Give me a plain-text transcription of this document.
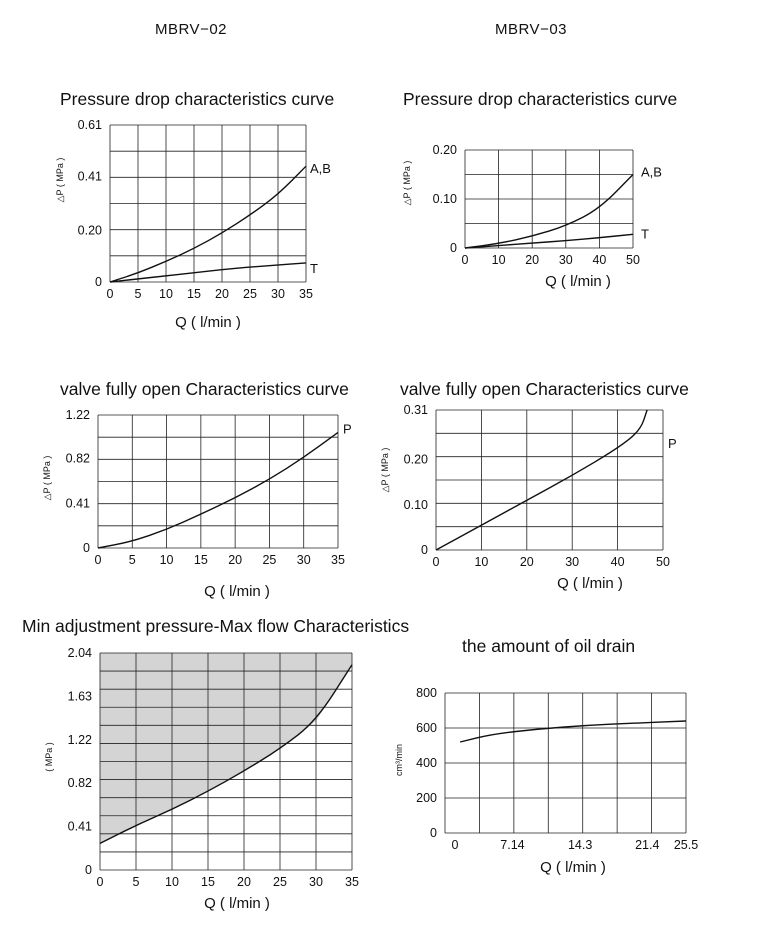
MBRV−02	MBRV−03
Pressure drop characteristics curve	Pressure drop characteristics curve
valve fully open Characteristics curve	valve fully open Characteristics curve
Min adjustment pressure-Max flow Characteristics
the amount of oil drain
0 5 10 15 20 25 30 35
0
0.20
0.41
0.61
Q ( l/min )
△P ( MPa )	A,B
T
0 10 20 30 40 50
0
0.10
0.20
Q ( l/min )
△P ( MPa )	A,B
T
0 5 10 15 20 25 30 35
0
0.41
0.82
1.22
Q ( l/min )
△P ( MPa )
P
0	10	20	30	40	50
0
0.10
0.20
0.31
Q ( l/min )
△P ( MPa )
P
0 5 10 15 20 25 30 35
0
0.41
0.82
1.22
1.63
2.04
Q ( l/min )
( MPa )
0	7.14	14.3	21.4 25.5
0
200
400
600
800
Q ( l/min )
cm³/min
